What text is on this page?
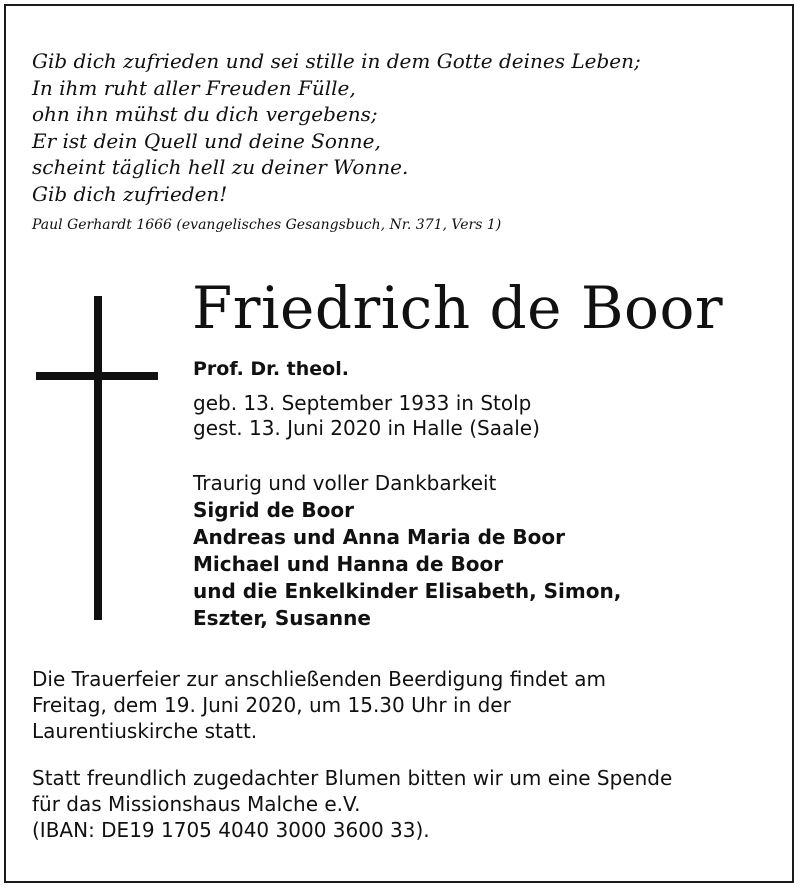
Gib dich zufrieden und sei stille in dem Gotte deines Leben;
In ihm ruht aller Freuden Fülle,
ohn ihn mühst du dich vergebens;
Er ist dein Quell und deine Sonne,
scheint täglich hell zu deiner Wonne.
Gib dich zufrieden!
Paul Gerhardt 1666 (evangelisches Gesangsbuch, Nr. 371, Vers 1)
Friedrich de Boor
Prof. Dr. theol.
geb. 13. September 1933 in Stolp
gest. 13. Juni 2020 in Halle (Saale)
Traurig und voller Dankbarkeit
Sigrid de Boor
Andreas und Anna Maria de Boor
Michael und Hanna de Boor
und die Enkelkinder Elisabeth, Simon,
Eszter, Susanne
Die Trauerfeier zur anschließenden Beerdigung findet am
Freitag, dem 19. Juni 2020, um 15.30 Uhr in der
Laurentiuskirche statt.
Statt freundlich zugedachter Blumen bitten wir um eine Spende
für das Missionshaus Malche e.V.
(IBAN: DE19 1705 4040 3000 3600 33).
